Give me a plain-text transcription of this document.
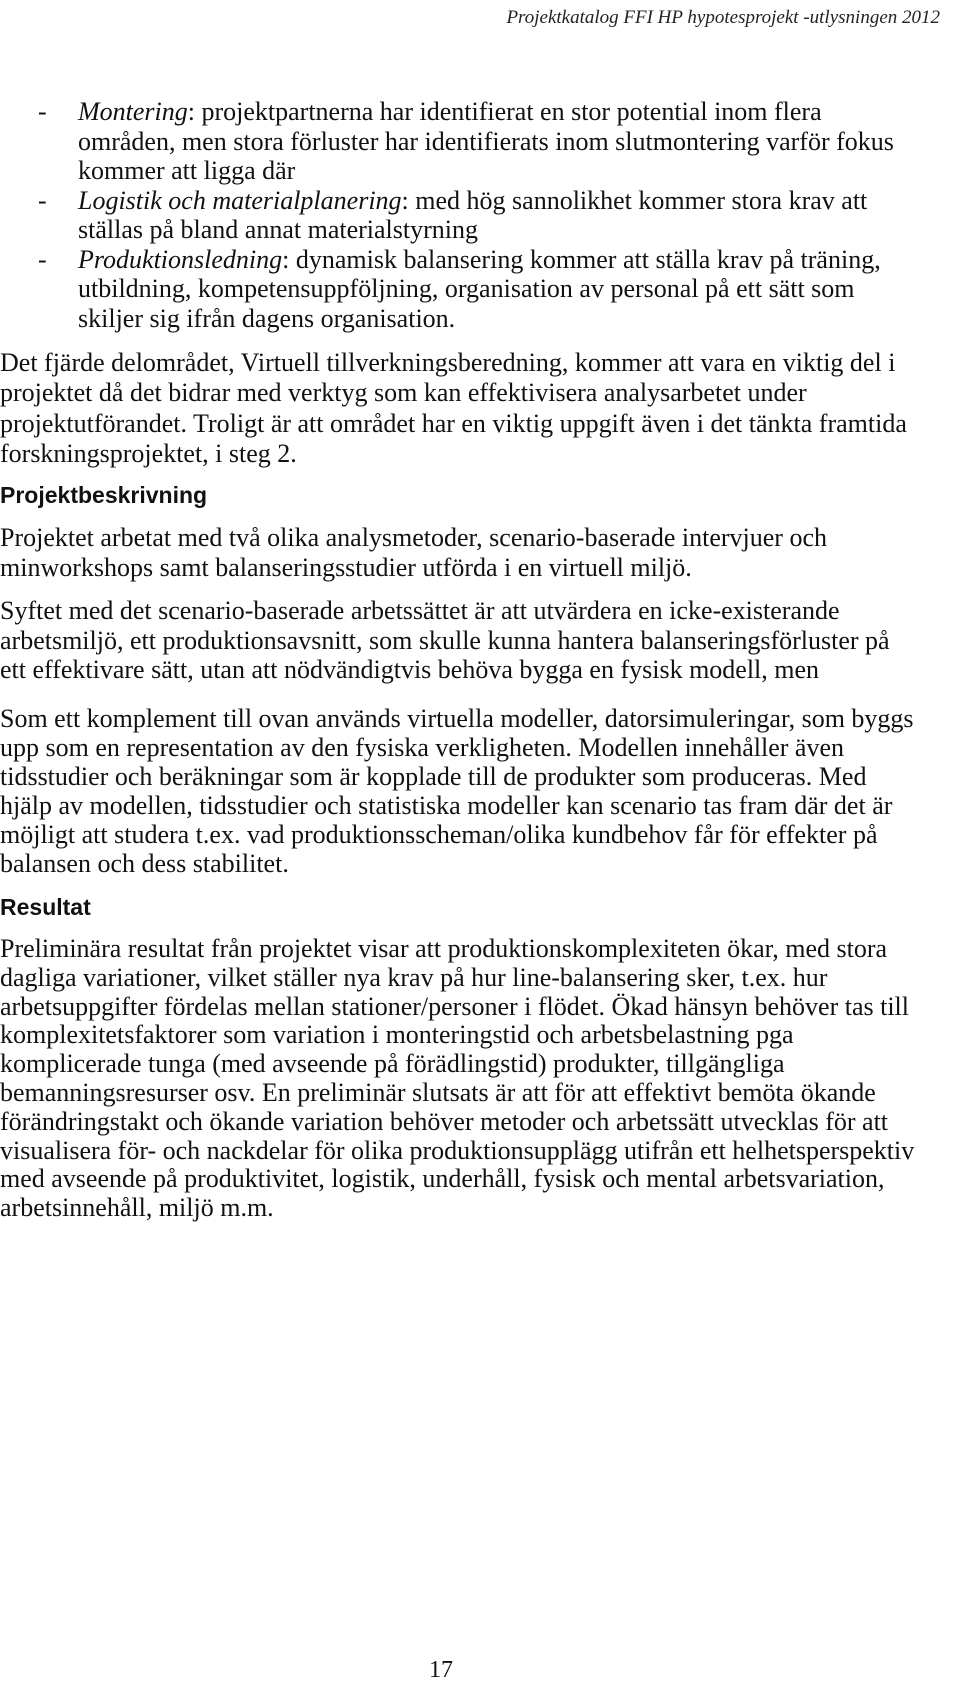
Projektkatalog FFI HP hypotesprojekt -utlysningen 2012
- Montering: projektpartnerna har identifierat en stor potential inom flera
områden, men stora förluster har identifierats inom slutmontering varför fokus
kommer att ligga där
- Logistik och materialplanering: med hög sannolikhet kommer stora krav att
ställas på bland annat materialstyrning
- Produktionsledning: dynamisk balansering kommer att ställa krav på träning,
utbildning, kompetensuppföljning, organisation av personal på ett sätt som
skiljer sig ifrån dagens organisation.
Det fjärde delområdet, Virtuell tillverkningsberedning, kommer att vara en viktig del i
projektet då det bidrar med verktyg som kan effektivisera analysarbetet under
projektutförandet. Troligt är att området har en viktig uppgift även i det tänkta framtida
forskningsprojektet, i steg 2.
Projektbeskrivning
Projektet arbetat med två olika analysmetoder, scenario-baserade intervjuer och
minworkshops samt balanseringsstudier utförda i en virtuell miljö.
Syftet med det scenario-baserade arbetssättet är att utvärdera en icke-existerande
arbetsmiljö, ett produktionsavsnitt, som skulle kunna hantera balanseringsförluster på
ett effektivare sätt, utan att nödvändigtvis behöva bygga en fysisk modell, men
Som ett komplement till ovan används virtuella modeller, datorsimuleringar, som byggs
upp som en representation av den fysiska verkligheten. Modellen innehåller även
tidsstudier och beräkningar som är kopplade till de produkter som produceras. Med
hjälp av modellen, tidsstudier och statistiska modeller kan scenario tas fram där det är
möjligt att studera t.ex. vad produktionsscheman/olika kundbehov får för effekter på
balansen och dess stabilitet.
Resultat
Preliminära resultat från projektet visar att produktionskomplexiteten ökar, med stora
dagliga variationer, vilket ställer nya krav på hur line-balansering sker, t.ex. hur
arbetsuppgifter fördelas mellan stationer/personer i flödet. Ökad hänsyn behöver tas till
komplexitetsfaktorer som variation i monteringstid och arbetsbelastning pga
komplicerade tunga (med avseende på förädlingstid) produkter, tillgängliga
bemanningsresurser osv. En preliminär slutsats är att för att effektivt bemöta ökande
förändringstakt och ökande variation behöver metoder och arbetssätt utvecklas för att
visualisera för- och nackdelar för olika produktionsupplägg utifrån ett helhetsperspektiv
med avseende på produktivitet, logistik, underhåll, fysisk och mental arbetsvariation,
arbetsinnehåll, miljö m.m.
17
